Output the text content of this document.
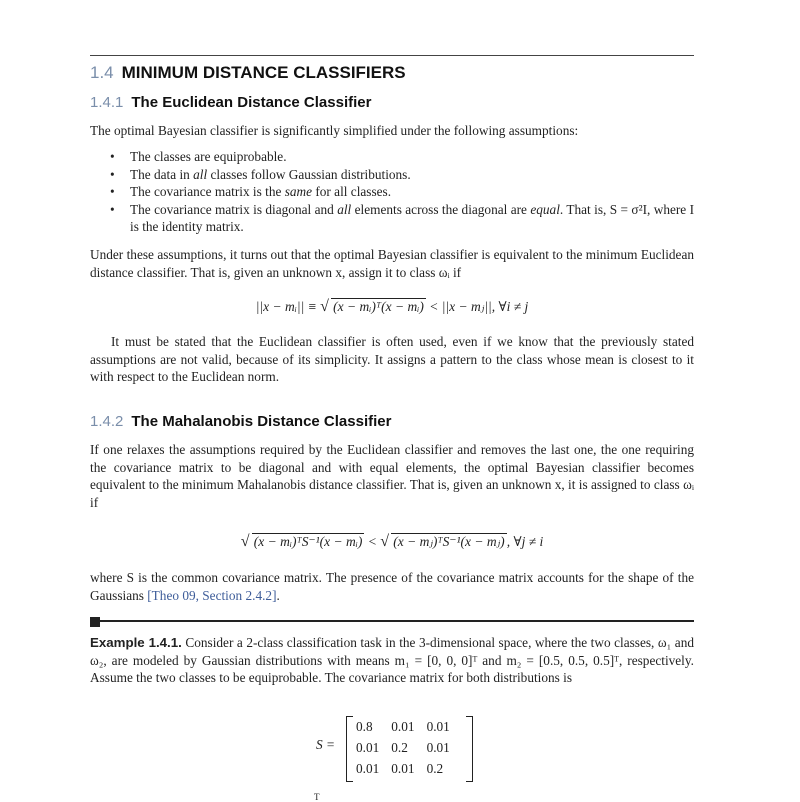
1.4 MINIMUM DISTANCE CLASSIFIERS
1.4.1 The Euclidean Distance Classifier

The optimal Bayesian classifier is significantly simplified under the following assumptions:

• The classes are equiprobable.
• The data in all classes follow Gaussian distributions.
• The covariance matrix is the same for all classes.
• The covariance matrix is diagonal and all elements across the diagonal are equal. That is, S = σ²I, where I is the identity matrix.

Under these assumptions, it turns out that the optimal Bayesian classifier is equivalent to the minimum Euclidean distance classifier. That is, given an unknown x, assign it to class ωᵢ if

||x − mᵢ|| ≡ √ (x − mᵢ)ᵀ(x − mᵢ) < ||x − mⱼ||, ∀i ≠ j

It must be stated that the Euclidean classifier is often used, even if we know that the previously stated assumptions are not valid, because of its simplicity. It assigns a pattern to the class whose mean is closest to it with respect to the Euclidean norm.

1.4.2 The Mahalanobis Distance Classifier

If one relaxes the assumptions required by the Euclidean classifier and removes the last one, the one requiring the covariance matrix to be diagonal and with equal elements, the optimal Bayesian classifier becomes equivalent to the minimum Mahalanobis distance classifier. That is, given an unknown x, it is assigned to class ωᵢ if

√ (x − mᵢ)ᵀS⁻¹(x − mᵢ) < √ (x − mⱼ)ᵀS⁻¹(x − mⱼ) , ∀j ≠ i

where S is the common covariance matrix. The presence of the covariance matrix accounts for the shape of the Gaussians [Theo 09, Section 2.4.2].

Example 1.4.1. Consider a 2-class classification task in the 3-dimensional space, where the two classes, ω₁ and ω₂, are modeled by Gaussian distributions with means m₁ = [0, 0, 0]ᵀ and m₂ = [0.5, 0.5, 0.5]ᵀ, respectively. Assume the two classes to be equiprobable. The covariance matrix for both distributions is

S =
0.8	0.01	0.01
0.01	0.2	0.01
0.01	0.01	0.2
T
